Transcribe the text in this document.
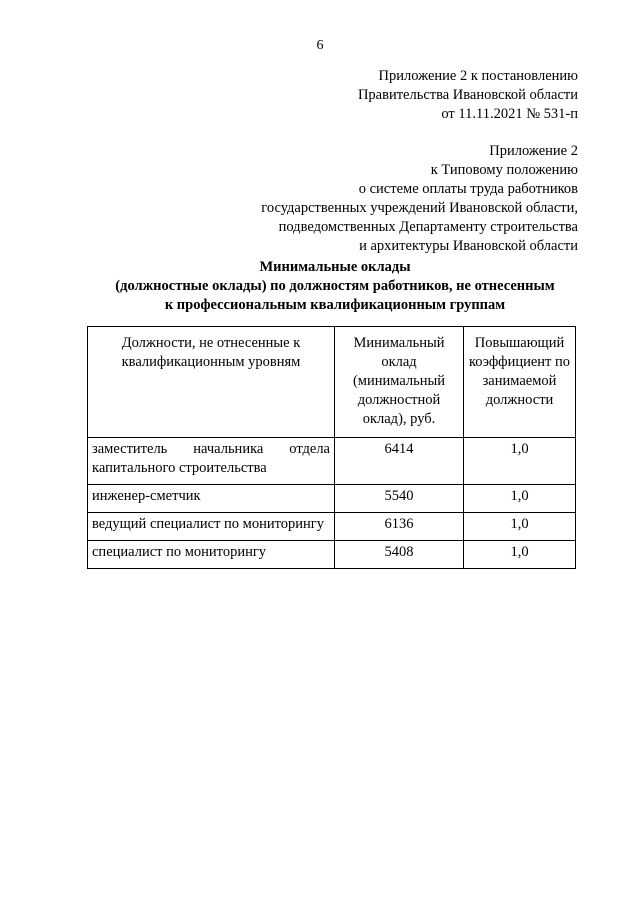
6
Приложение 2 к постановлению
Правительства Ивановской области
от 11.11.2021 № 531-п
Приложение 2
к Типовому положению
о системе оплаты труда работников
государственных учреждений Ивановской области,
подведомственных Департаменту строительства
и архитектуры Ивановской области
Минимальные оклады
(должностные оклады) по должностям работников, не отнесенным
к профессиональным квалификационным группам
Должности, не отнесенные к квалификационным уровням	Минимальный оклад (минимальный должностной оклад), руб.	Повышающий коэффициент по занимаемой должности
заместитель начальника отдела капитального строительства	6414	1,0
инженер-сметчик	5540	1,0
ведущий специалист по мониторингу	6136	1,0
специалист по мониторингу	5408	1,0
